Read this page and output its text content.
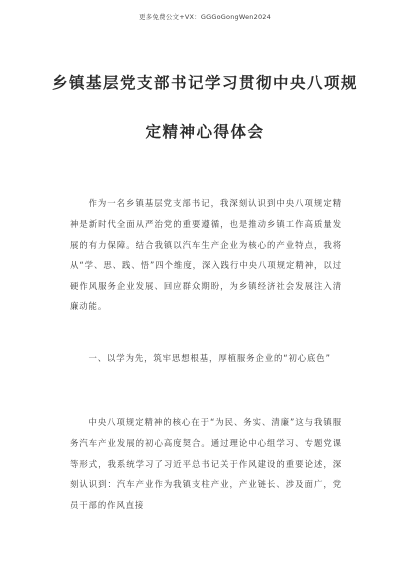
更多免费公文+VX：GGGoGongWen2024
乡镇基层党支部书记学习贯彻中央八项规
定精神心得体会

作为一名乡镇基层党支部书记，我深刻认识到中央八项规定精神是新时代全面从严治党的重要遵循，也是推动乡镇工作高质量发展的有力保障。结合我镇以汽车生产企业为核心的产业特点，我将从“学、思、践、悟”四个维度，深入践行中央八项规定精神，以过硬作风服务企业发展、回应群众期盼，为乡镇经济社会发展注入清廉动能。

一、以学为先，筑牢思想根基，厚植服务企业的“初心底色”

中央八项规定精神的核心在于“为民、务实、清廉”这与我镇服务汽车产业发展的初心高度契合。通过理论中心组学习、专题党课等形式，我系统学习了习近平总书记关于作风建设的重要论述，深刻认识到：汽车产业作为我镇支柱产业，产业链长、涉及面广，党员干部的作风直接
